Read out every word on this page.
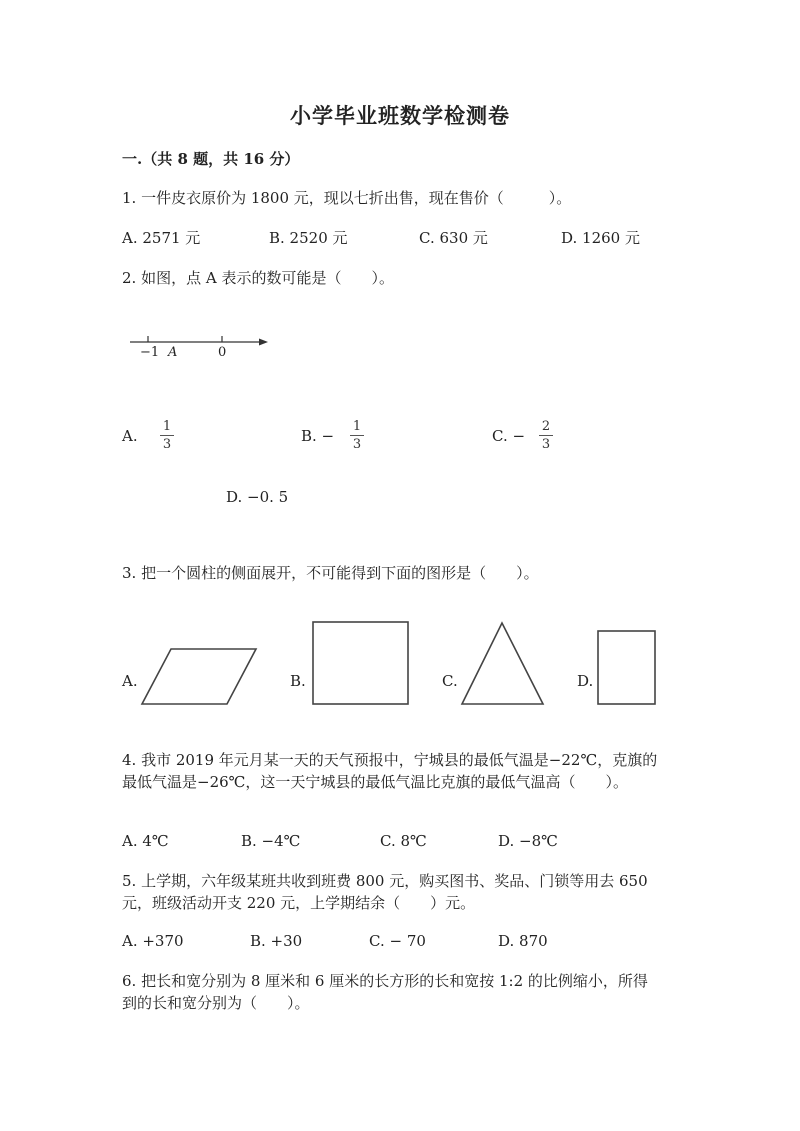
小学毕业班数学检测卷
一.（共 8 题，共 16 分）
1. 一件皮衣原价为 1800 元，现以七折出售，现在售价（　　　）。
A. 2571 元	B. 2520 元	C. 630 元	D. 1260 元
2. 如图，点 A 表示的数可能是（　　）。
−1 A	0
A.
1
3	B. −
1
3	C. −
2
3
D. −0. 5
3. 把一个圆柱的侧面展开，不可能得到下面的图形是（　　）。
A.	B.	C.	D.
4. 我市 2019 年元月某一天的天气预报中，宁城县的最低气温是−22℃，克旗的
最低气温是−26℃，这一天宁城县的最低气温比克旗的最低气温高（　　）。
A. 4℃	B. −4℃	C. 8℃	D. −8℃
5. 上学期，六年级某班共收到班费 800 元，购买图书、奖品、门锁等用去 650
元，班级活动开支 220 元，上学期结余（　　）元。
A. +370	B. +30	C. − 70	D. 870
6. 把长和宽分别为 8 厘米和 6 厘米的长方形的长和宽按 1:2 的比例缩小，所得
到的长和宽分别为（　　）。
